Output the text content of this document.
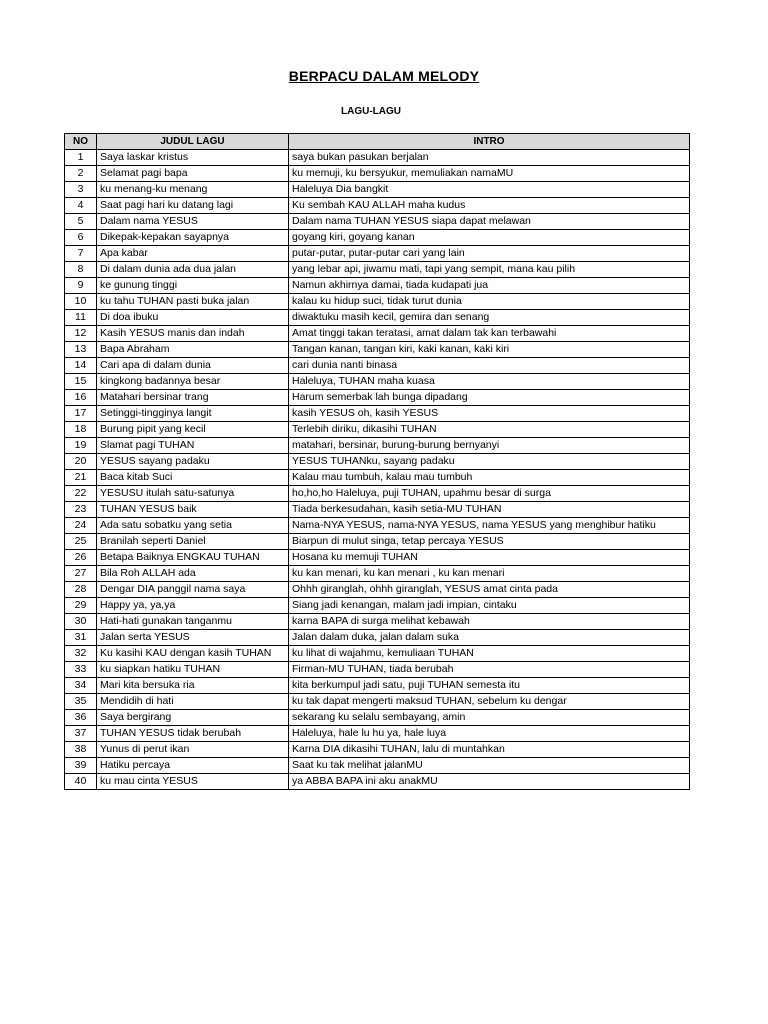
BERPACU DALAM MELODY
LAGU-LAGU
NO	JUDUL LAGU	INTRO
1	Saya laskar kristus	saya bukan pasukan berjalan
2	Selamat pagi bapa	ku memuji, ku bersyukur, memuliakan namaMU
3	ku menang-ku menang	Haleluya Dia bangkit
4	Saat pagi hari ku datang lagi	Ku sembah KAU ALLAH maha kudus
5	Dalam nama YESUS	Dalam nama TUHAN YESUS siapa dapat melawan
6	Dikepak-kepakan sayapnya	goyang kiri, goyang kanan
7	Apa kabar	putar-putar, putar-putar cari yang lain
8	Di dalam dunia ada dua jalan	yang lebar api, jiwamu mati, tapi yang sempit, mana kau pilih
9	ke gunung tinggi	Namun akhirnya damai, tiada kudapati jua
10	ku tahu TUHAN pasti buka jalan	kalau ku hidup suci, tidak turut dunia
11	Di doa ibuku	diwaktuku masih kecil, gemira dan senang
12	Kasih YESUS manis dan indah	Amat tinggi takan teratasi, amat dalam tak kan terbawahi
13	Bapa Abraham	Tangan kanan, tangan kiri, kaki kanan, kaki kiri
14	Cari apa di dalam dunia	cari dunia nanti binasa
15	kingkong badannya besar	Haleluya, TUHAN maha kuasa
16	Matahari bersinar trang	Harum semerbak lah bunga dipadang
17	Setinggi-tingginya langit	kasih YESUS oh, kasih YESUS
18	Burung pipit yang kecil	Terlebih diriku, dikasihi TUHAN
19	Slamat pagi TUHAN	matahari, bersinar, burung-burung bernyanyi
20	YESUS sayang padaku	YESUS TUHANku, sayang padaku
21	Baca kitab Suci	Kalau mau tumbuh, kalau mau tumbuh
22	YESUSU itulah satu-satunya	ho,ho,ho Haleluya, puji TUHAN, upahmu besar di surga
23	TUHAN YESUS baik	Tiada berkesudahan, kasih setia-MU TUHAN
24	Ada satu sobatku yang setia	Nama-NYA YESUS, nama-NYA YESUS, nama YESUS yang menghibur hatiku
25	Branilah seperti Daniel	Biarpun di mulut singa, tetap percaya YESUS
26	Betapa Baiknya ENGKAU TUHAN	Hosana ku memuji TUHAN
27	Bila Roh ALLAH ada	ku kan menari, ku kan menari , ku kan menari
28	Dengar DIA panggil nama saya	Ohhh giranglah, ohhh giranglah, YESUS amat cinta pada
29	Happy ya, ya,ya	Siang jadi kenangan, malam jadi impian, cintaku
30	Hati-hati gunakan tanganmu	karna BAPA di surga melihat kebawah
31	Jalan serta YESUS	Jalan dalam duka, jalan dalam suka
32	Ku kasihi KAU dengan kasih TUHAN	ku lihat di wajahmu, kemuliaan TUHAN
33	ku siapkan hatiku TUHAN	Firman-MU TUHAN, tiada berubah
34	Mari kita bersuka ria	kita berkumpul jadi satu, puji TUHAN semesta itu
35	Mendidih di hati	ku tak dapat mengerti maksud TUHAN, sebelum ku dengar
36	Saya bergirang	sekarang ku selalu sembayang, amin
37	TUHAN YESUS tidak berubah	Haleluya, hale lu hu ya, hale luya
38	Yunus di perut ikan	Karna DIA dikasihi TUHAN, lalu di muntahkan
39	Hatiku percaya	Saat ku tak melihat jalanMU
40	ku mau cinta YESUS	ya ABBA BAPA ini aku anakMU
